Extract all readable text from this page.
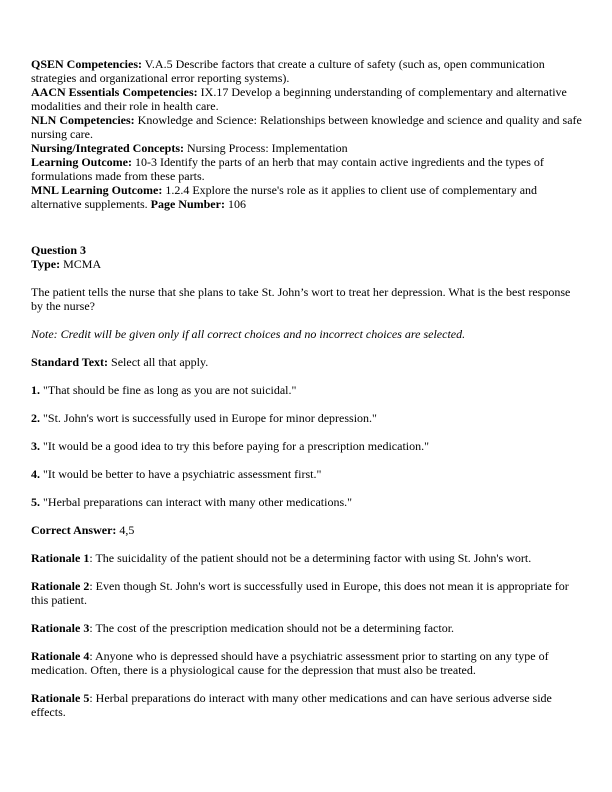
QSEN Competencies: V.A.5 Describe factors that create a culture of safety (such as, open communication strategies and organizational error reporting systems).

AACN Essentials Competencies: IX.17 Develop a beginning understanding of complementary and alternative modalities and their role in health care.

NLN Competencies: Knowledge and Science: Relationships between knowledge and science and quality and safe nursing care.

Nursing/Integrated Concepts: Nursing Process: Implementation

Learning Outcome: 10-3 Identify the parts of an herb that may contain active ingredients and the types of formulations made from these parts.

MNL Learning Outcome: 1.2.4 Explore the nurse's role as it applies to client use of complementary and alternative supplements. Page Number: 106

Question 3

Type: MCMA

The patient tells the nurse that she plans to take St. John’s wort to treat her depression. What is the best response by the nurse?

Note: Credit will be given only if all correct choices and no incorrect choices are selected.

Standard Text: Select all that apply.

1. "That should be fine as long as you are not suicidal."

2. "St. John's wort is successfully used in Europe for minor depression."

3. "It would be a good idea to try this before paying for a prescription medication."

4. "It would be better to have a psychiatric assessment first."

5. "Herbal preparations can interact with many other medications."

Correct Answer: 4,5

Rationale 1: The suicidality of the patient should not be a determining factor with using St. John's wort.

Rationale 2: Even though St. John's wort is successfully used in Europe, this does not mean it is appropriate for this patient.

Rationale 3: The cost of the prescription medication should not be a determining factor.

Rationale 4: Anyone who is depressed should have a psychiatric assessment prior to starting on any type of medication. Often, there is a physiological cause for the depression that must also be treated.

Rationale 5: Herbal preparations do interact with many other medications and can have serious adverse side effects.
